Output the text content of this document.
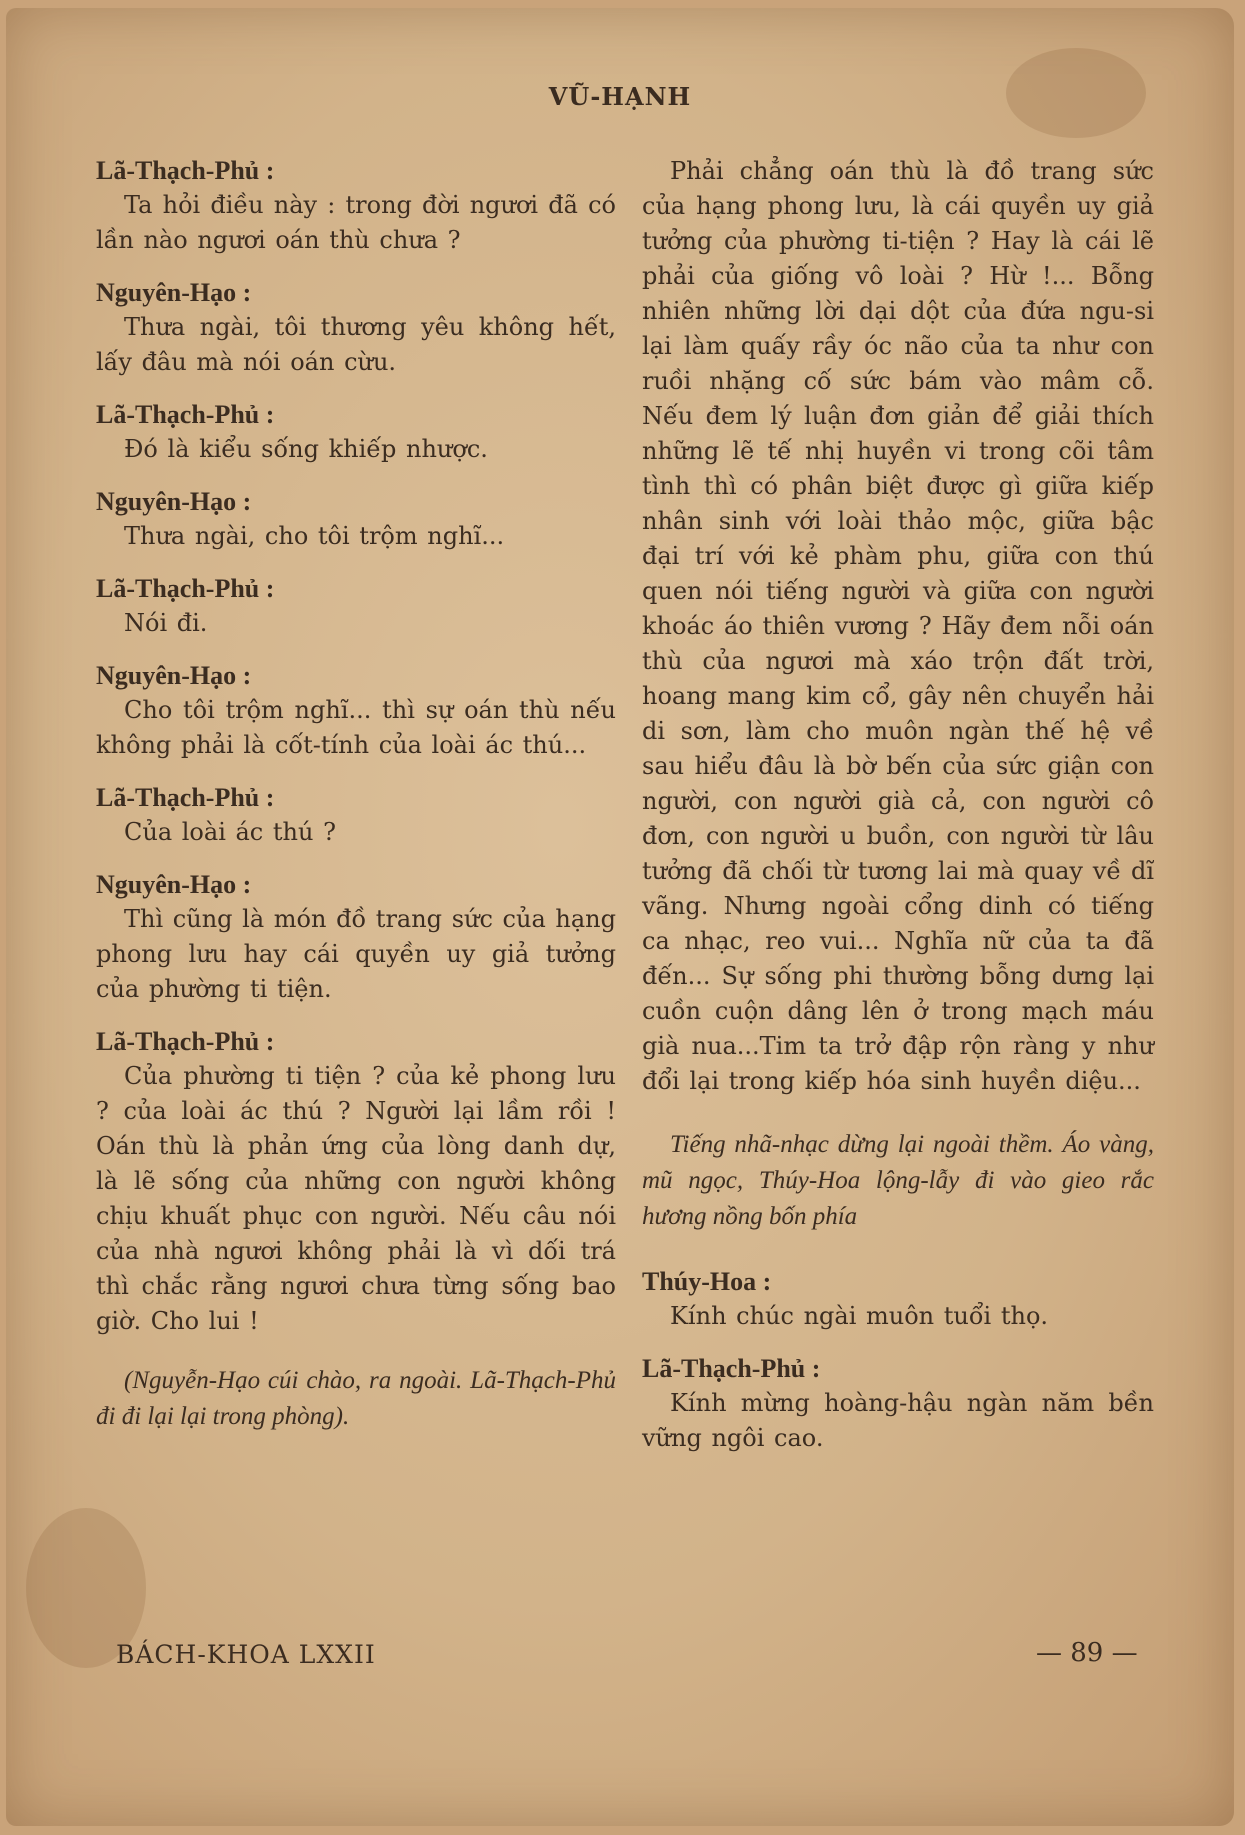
VŨ-HẠNH
Lã-Thạch-Phủ :
Ta hỏi điều này : trong đời ngươi đã có lần nào ngươi oán thù chưa ?
Nguyên-Hạo :
Thưa ngài, tôi thương yêu không hết, lấy đâu mà nói oán cừu.
Lã-Thạch-Phủ :
Đó là kiểu sống khiếp nhược.
Nguyên-Hạo :
Thưa ngài, cho tôi trộm nghĩ...
Lã-Thạch-Phủ :
Nói đi.
Nguyên-Hạo :
Cho tôi trộm nghĩ... thì sự oán thù nếu không phải là cốt-tính của loài ác thú...
Lã-Thạch-Phủ :
Của loài ác thú ?
Nguyên-Hạo :
Thì cũng là món đồ trang sức của hạng phong lưu hay cái quyền uy giả tưởng của phường ti tiện.
Lã-Thạch-Phủ :
Của phường ti tiện ? của kẻ phong lưu ? của loài ác thú ? Người lại lầm rồi ! Oán thù là phản ứng của lòng danh dự, là lẽ sống của những con người không chịu khuất phục con người. Nếu câu nói của nhà ngươi không phải là vì dối trá thì chắc rằng ngươi chưa từng sống bao giờ. Cho lui !
(Nguyễn-Hạo cúi chào, ra ngoài. Lã-Thạch-Phủ đi đi lại lại trong phòng).
Phải chẳng oán thù là đồ trang sức của hạng phong lưu, là cái quyền uy giả tưởng của phường ti-tiện ? Hay là cái lẽ phải của giống vô loài ? Hừ !... Bỗng nhiên những lời dại dột của đứa ngu-si lại làm quấy rầy óc não của ta như con ruồi nhặng cố sức bám vào mâm cỗ. Nếu đem lý luận đơn giản để giải thích những lẽ tế nhị huyền vi trong cõi tâm tình thì có phân biệt được gì giữa kiếp nhân sinh với loài thảo mộc, giữa bậc đại trí với kẻ phàm phu, giữa con thú quen nói tiếng người và giữa con người khoác áo thiên vương ? Hãy đem nỗi oán thù của ngươi mà xáo trộn đất trời, hoang mang kim cổ, gây nên chuyển hải di sơn, làm cho muôn ngàn thế hệ về sau hiểu đâu là bờ bến của sức giận con người, con người già cả, con người cô đơn, con người u buồn, con người từ lâu tưởng đã chối từ tương lai mà quay về dĩ vãng. Nhưng ngoài cổng dinh có tiếng ca nhạc, reo vui... Nghĩa nữ của ta đã đến... Sự sống phi thường bỗng dưng lại cuồn cuộn dâng lên ở trong mạch máu già nua...Tim ta trở đập rộn ràng y như đổi lại trong kiếp hóa sinh huyền diệu...
Tiếng nhã-nhạc dừng lại ngoài thềm. Áo vàng, mũ ngọc, Thúy-Hoa lộng-lẫy đi vào gieo rắc hương nồng bốn phía
Thúy-Hoa :
Kính chúc ngài muôn tuổi thọ.
Lã-Thạch-Phủ :
Kính mừng hoàng-hậu ngàn năm bền vững ngôi cao.
BÁCH-KHOA LXXII	— 89 —
